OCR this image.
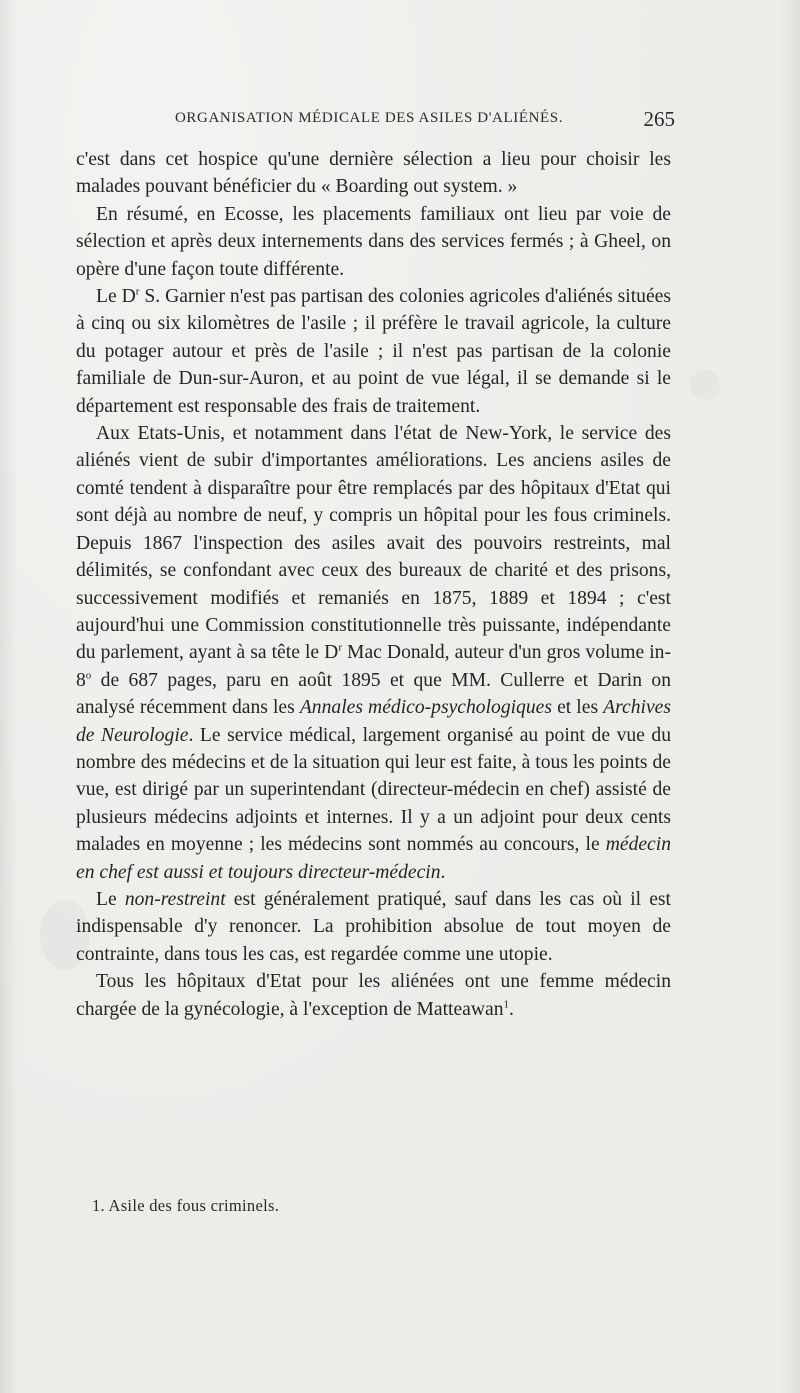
ORGANISATION MÉDICALE DES ASILES D'ALIÉNÉS.	265

c'est dans cet hospice qu'une dernière sélection a lieu pour choisir les malades pouvant bénéficier du « Boarding out system. »

En résumé, en Ecosse, les placements familiaux ont lieu par voie de sélection et après deux internements dans des services fermés ; à Gheel, on opère d'une façon toute différente.

Le $D^r$ S. Garnier n'est pas partisan des colonies agricoles d'aliénés situées à cinq ou six kilomètres de l'asile ; il préfère le travail agricole, la culture du potager autour et près de l'asile ; il n'est pas partisan de la colonie familiale de Dun-sur-Auron, et au point de vue légal, il se demande si le département est responsable des frais de traitement.

Aux Etats-Unis, et notamment dans l'état de New-York, le service des aliénés vient de subir d'importantes améliorations. Les anciens asiles de comté tendent à disparaître pour être remplacés par des hôpitaux d'Etat qui sont déjà au nombre de neuf, y compris un hôpital pour les fous criminels. Depuis 1867 l'inspection des asiles avait des pouvoirs restreints, mal délimités, se confondant avec ceux des bureaux de charité et des prisons, successivement modifiés et remaniés en 1875, 1889 et 1894 ; c'est aujourd'hui une Commission constitutionnelle très puissante, indépendante du parlement, ayant à sa tête le $D^r$ Mac Donald, auteur d'un gros volume in-8$^o$ de 687 pages, paru en août 1895 et que MM. Cullerre et Darin on analysé récemment dans les Annales médico-psychologiques et les Archives de Neurologie. Le service médical, largement organisé au point de vue du nombre des médecins et de la situation qui leur est faite, à tous les points de vue, est dirigé par un superintendant (directeur-médecin en chef) assisté de plusieurs médecins adjoints et internes. Il y a un adjoint pour deux cents malades en moyenne ; les médecins sont nommés au concours, le médecin en chef est aussi et toujours directeur-médecin.

Le non-restreint est généralement pratiqué, sauf dans les cas où il est indispensable d'y renoncer. La prohibition absolue de tout moyen de contrainte, dans tous les cas, est regardée comme une utopie.

Tous les hôpitaux d'Etat pour les aliénées ont une femme médecin chargée de la gynécologie, à l'exception de Matteawan$^1$.

1. Asile des fous criminels.
